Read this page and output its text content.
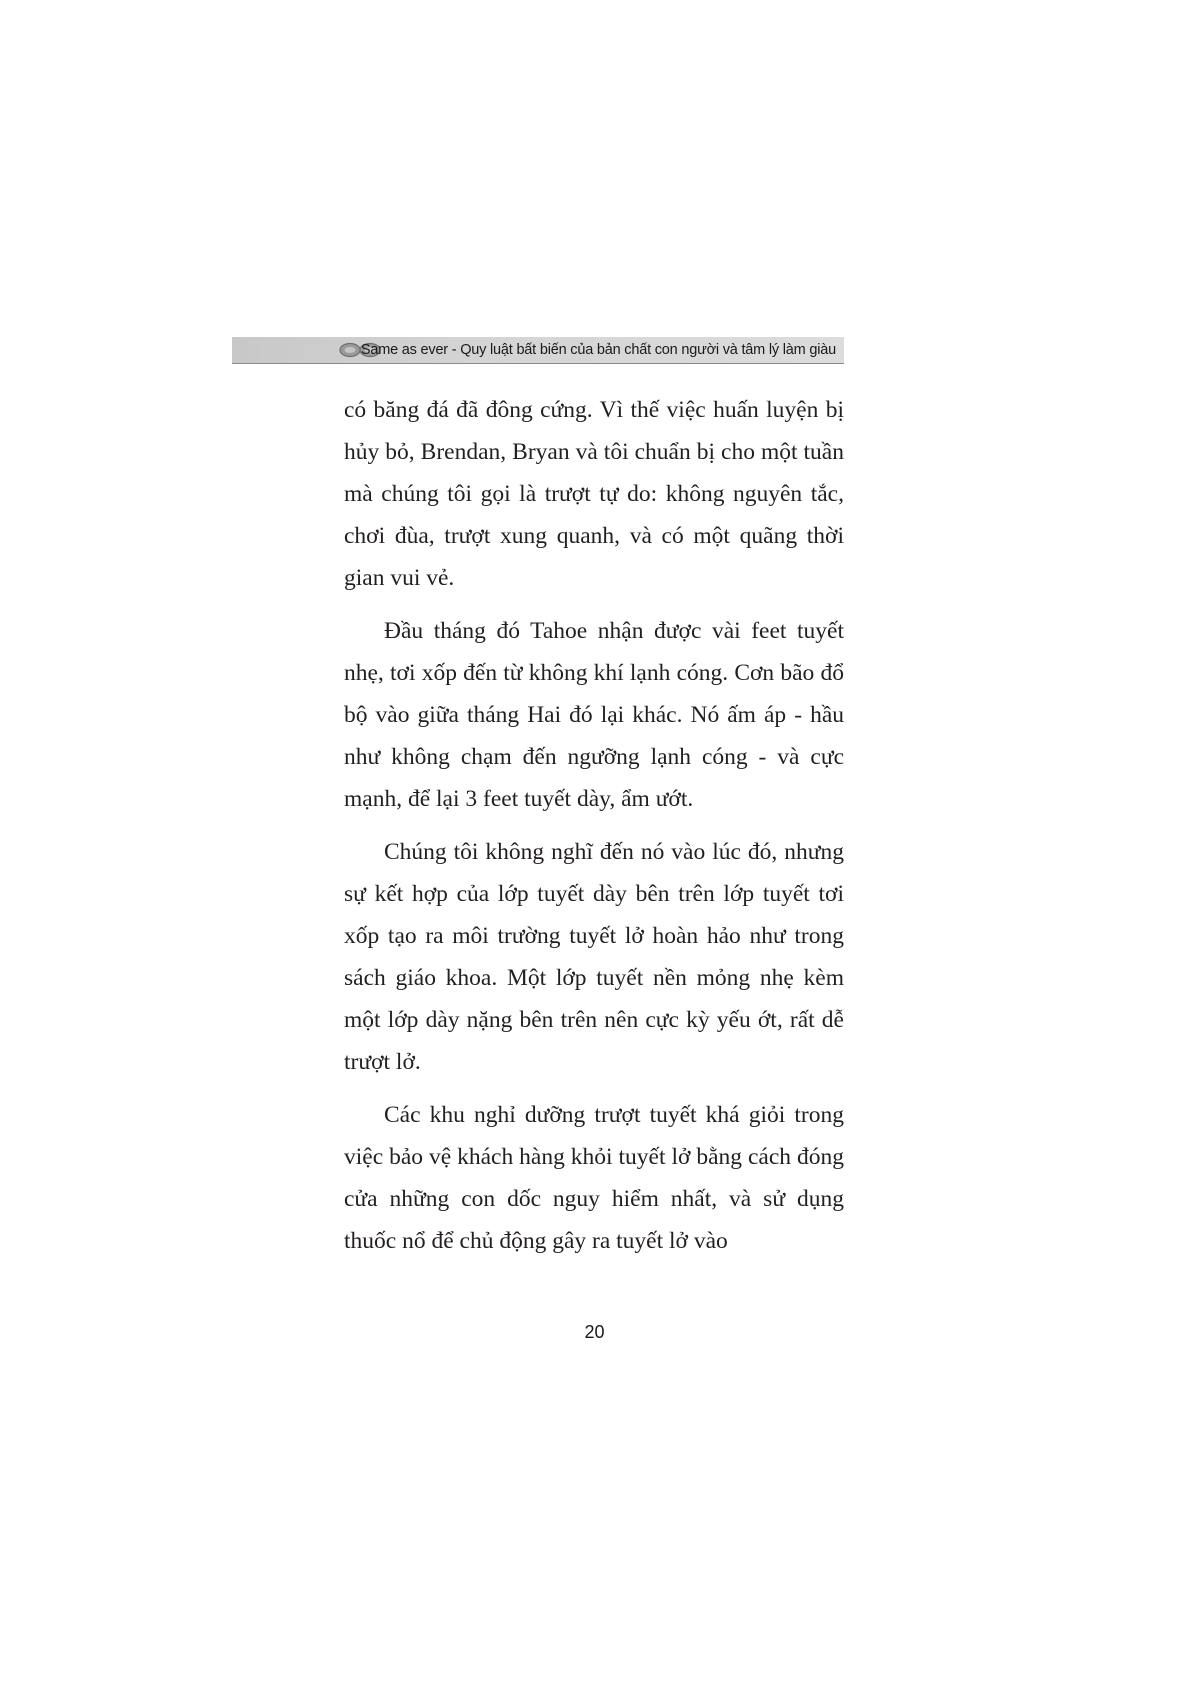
Same as ever - Quy luật bất biến của bản chất con người và tâm lý làm giàu

có băng đá đã đông cứng. Vì thế việc huấn luyện bị hủy bỏ, Brendan, Bryan và tôi chuẩn bị cho một tuần mà chúng tôi gọi là trượt tự do: không nguyên tắc, chơi đùa, trượt xung quanh, và có một quãng thời gian vui vẻ.

Đầu tháng đó Tahoe nhận được vài feet tuyết nhẹ, tơi xốp đến từ không khí lạnh cóng. Cơn bão đổ bộ vào giữa tháng Hai đó lại khác. Nó ấm áp - hầu như không chạm đến ngưỡng lạnh cóng - và cực mạnh, để lại 3 feet tuyết dày, ẩm ướt.

Chúng tôi không nghĩ đến nó vào lúc đó, nhưng sự kết hợp của lớp tuyết dày bên trên lớp tuyết tơi xốp tạo ra môi trường tuyết lở hoàn hảo như trong sách giáo khoa. Một lớp tuyết nền mỏng nhẹ kèm một lớp dày nặng bên trên nên cực kỳ yếu ớt, rất dễ trượt lở.

Các khu nghỉ dưỡng trượt tuyết khá giỏi trong việc bảo vệ khách hàng khỏi tuyết lở bằng cách đóng cửa những con dốc nguy hiểm nhất, và sử dụng thuốc nổ để chủ động gây ra tuyết lở vào

20
